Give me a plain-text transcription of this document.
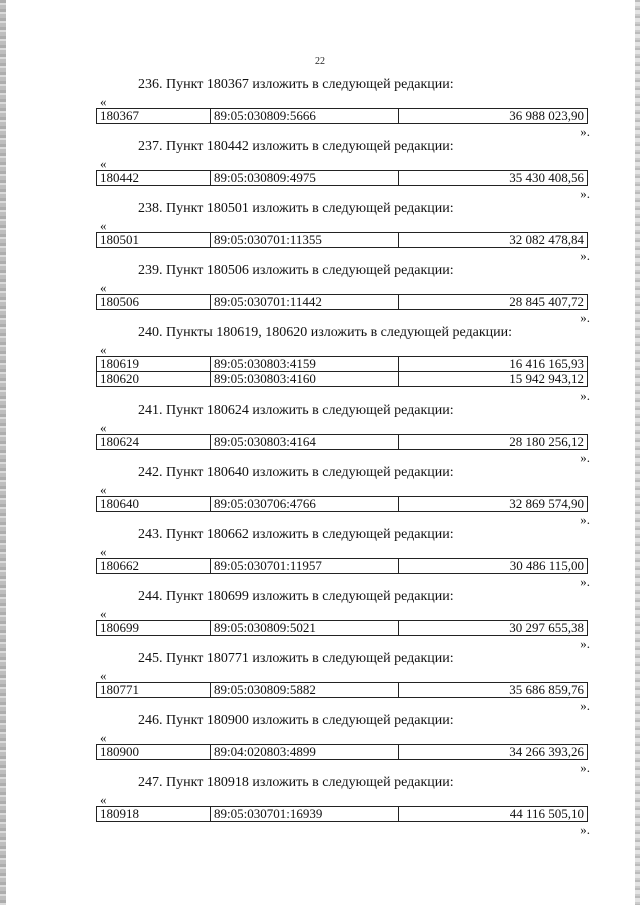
22
236. Пункт 180367 изложить в следующей редакции:
«
180367	89:05:030809:5666	36 988 023,90
».
237. Пункт 180442 изложить в следующей редакции:
«
180442	89:05:030809:4975	35 430 408,56
».
238. Пункт 180501 изложить в следующей редакции:
«
180501	89:05:030701:11355	32 082 478,84
».
239. Пункт 180506 изложить в следующей редакции:
«
180506	89:05:030701:11442	28 845 407,72
».
240. Пункты 180619, 180620 изложить в следующей редакции:
«
180619	89:05:030803:4159	16 416 165,93
180620	89:05:030803:4160	15 942 943,12
».
241. Пункт 180624 изложить в следующей редакции:
«
180624	89:05:030803:4164	28 180 256,12
».
242. Пункт 180640 изложить в следующей редакции:
«
180640	89:05:030706:4766	32 869 574,90
».
243. Пункт 180662 изложить в следующей редакции:
«
180662	89:05:030701:11957	30 486 115,00
».
244. Пункт 180699 изложить в следующей редакции:
«
180699	89:05:030809:5021	30 297 655,38
».
245. Пункт 180771 изложить в следующей редакции:
«
180771	89:05:030809:5882	35 686 859,76
».
246. Пункт 180900 изложить в следующей редакции:
«
180900	89:04:020803:4899	34 266 393,26
».
247. Пункт 180918 изложить в следующей редакции:
«
180918	89:05:030701:16939	44 116 505,10
».
